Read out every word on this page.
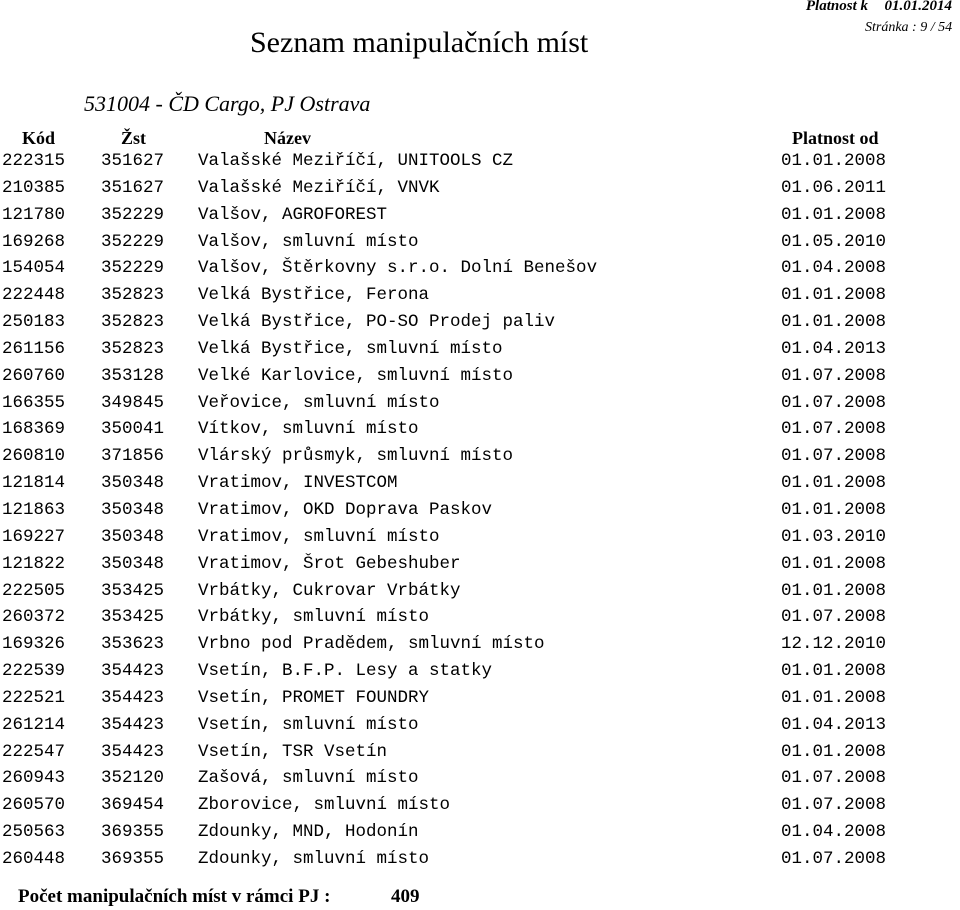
Platnost k 01.01.2014
Seznam manipulačních míst	Stránka : 9 / 54
531004 - ČD Cargo, PJ Ostrava
Kód	Žst	Název	Platnost od
222315 351627 Valašské Meziříčí, UNITOOLS CZ	01.01.2008
210385 351627 Valašské Meziříčí, VNVK	01.06.2011
121780 352229 Valšov, AGROFOREST	01.01.2008
169268 352229 Valšov, smluvní místo	01.05.2010
154054 352229 Valšov, Štěrkovny s.r.o. Dolní Benešov	01.04.2008
222448 352823 Velká Bystřice, Ferona	01.01.2008
250183 352823 Velká Bystřice, PO-SO Prodej paliv	01.01.2008
261156 352823 Velká Bystřice, smluvní místo	01.04.2013
260760 353128 Velké Karlovice, smluvní místo	01.07.2008
166355 349845 Veřovice, smluvní místo	01.07.2008
168369 350041 Vítkov, smluvní místo	01.07.2008
260810 371856 Vlárský průsmyk, smluvní místo	01.07.2008
121814 350348 Vratimov, INVESTCOM	01.01.2008
121863 350348 Vratimov, OKD Doprava Paskov	01.01.2008
169227 350348 Vratimov, smluvní místo	01.03.2010
121822 350348 Vratimov, Šrot Gebeshuber	01.01.2008
222505 353425 Vrbátky, Cukrovar Vrbátky	01.01.2008
260372 353425 Vrbátky, smluvní místo	01.07.2008
169326 353623 Vrbno pod Pradědem, smluvní místo	12.12.2010
222539 354423 Vsetín, B.F.P. Lesy a statky	01.01.2008
222521 354423 Vsetín, PROMET FOUNDRY	01.01.2008
261214 354423 Vsetín, smluvní místo	01.04.2013
222547 354423 Vsetín, TSR Vsetín	01.01.2008
260943 352120 Zašová, smluvní místo	01.07.2008
260570 369454 Zborovice, smluvní místo	01.07.2008
250563 369355 Zdounky, MND, Hodonín	01.04.2008
260448 369355 Zdounky, smluvní místo	01.07.2008
Počet manipulačních míst v rámci PJ :	409
